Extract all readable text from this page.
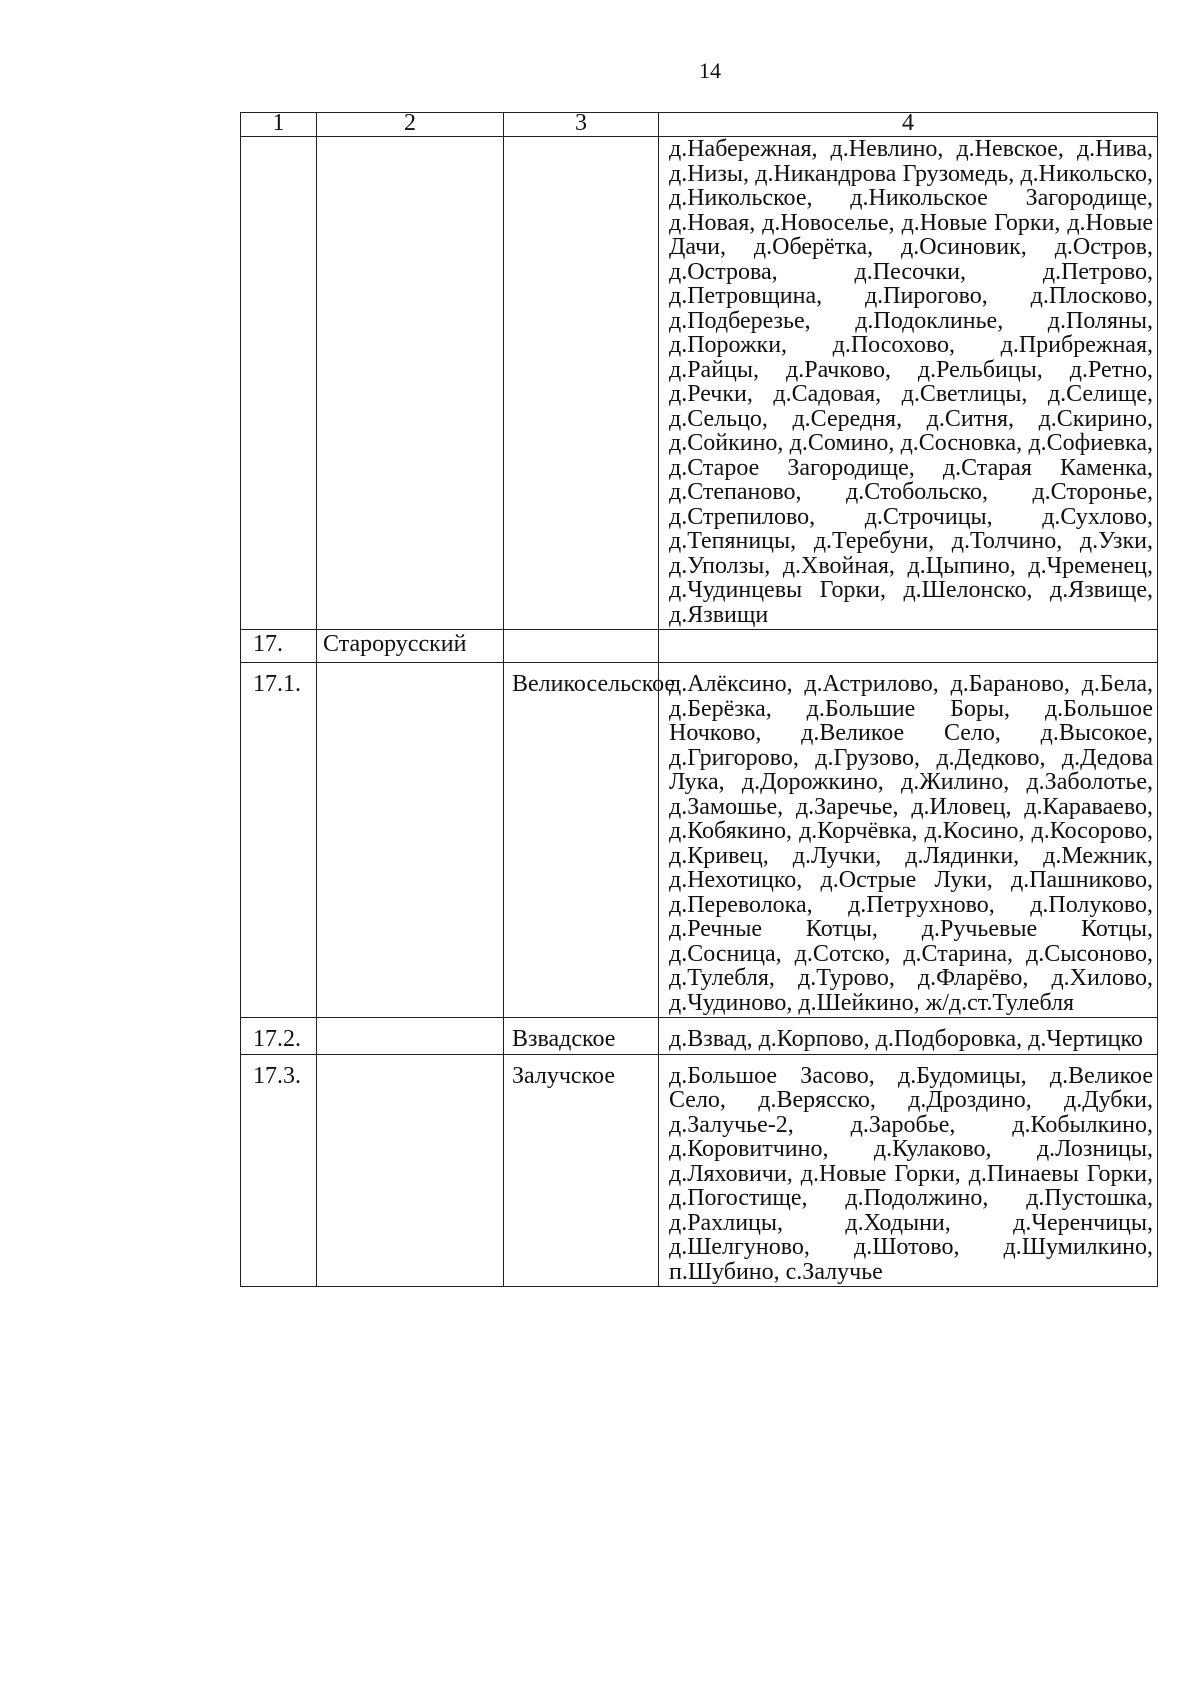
14
1	2	3	4
			д.Набережная, д.Невлино, д.Невское, д.Нива, д.Низы, д.Никандрова Грузомедь, д.Никольско, д.Никольское, д.Никольское Загородище, д.Новая, д.Новоселье, д.Новые Горки, д.Новые Дачи, д.Оберётка, д.Осиновик, д.Остров, д.Острова, д.Песочки, д.Петрово, д.Петровщина, д.Пирогово, д.Плосково, д.Подберезье, д.Подоклинье, д.Поляны, д.Порожки, д.Посохово, д.Прибрежная, д.Райцы, д.Рачково, д.Рельбицы, д.Ретно, д.Речки, д.Садовая, д.Светлицы, д.Селище, д.Сельцо, д.Середня, д.Ситня, д.Скирино, д.Сойкино, д.Сомино, д.Сосновка, д.Софиевка, д.Старое Загородище, д.Старая Каменка, д.Степаново, д.Стобольско, д.Стороньe, д.Стрепилово, д.Строчицы, д.Сухлово, д.Тепяницы, д.Теребуни, д.Толчино, д.Узки, д.Уползы, д.Хвойная, д.Цыпино, д.Чременец, д.Чудинцевы Горки, д.Шелонско, д.Язвище, д.Язвищи
17.	Старорусский		
17.1.		Великосельское	д.Алёксино, д.Астрилово, д.Бараново, д.Бела, д.Берёзка, д.Большие Боры, д.Большое Ночково, д.Великое Село, д.Высокое, д.Григорово, д.Грузово, д.Дедково, д.Дедова Лука, д.Дорожкино, д.Жилино, д.Заболотье, д.Замошье, д.Заречье, д.Иловец, д.Караваево, д.Кобякино, д.Корчёвка, д.Косино, д.Косорово, д.Кривец, д.Лучки, д.Лядинки, д.Межник, д.Нехотицко, д.Острые Луки, д.Пашниково, д.Переволока, д.Петрухново, д.Полуково, д.Речные Котцы, д.Ручьевые Котцы, д.Сосница, д.Сотско, д.Старина, д.Сысоново, д.Тулебля, д.Турово, д.Фларёво, д.Хилово, д.Чудиново, д.Шейкино, ж/д.ст.Тулебля
17.2.		Взвадское	д.Взвад, д.Корпово, д.Подборовка, д.Чертицко
17.3.		Залучское	д.Большое Засово, д.Будомицы, д.Великое Село, д.Верясско, д.Дроздино, д.Дубки, д.Залучье-2, д.Заробье, д.Кобылкино, д.Коровитчино, д.Кулаково, д.Лозницы, д.Ляховичи, д.Новые Горки, д.Пинаевы Горки, д.Погостище, д.Подолжино, д.Пустошка, д.Рахлицы, д.Ходыни, д.Черенчицы, д.Шелгуново, д.Шотово, д.Шумилкино, п.Шубино, с.Залучье
